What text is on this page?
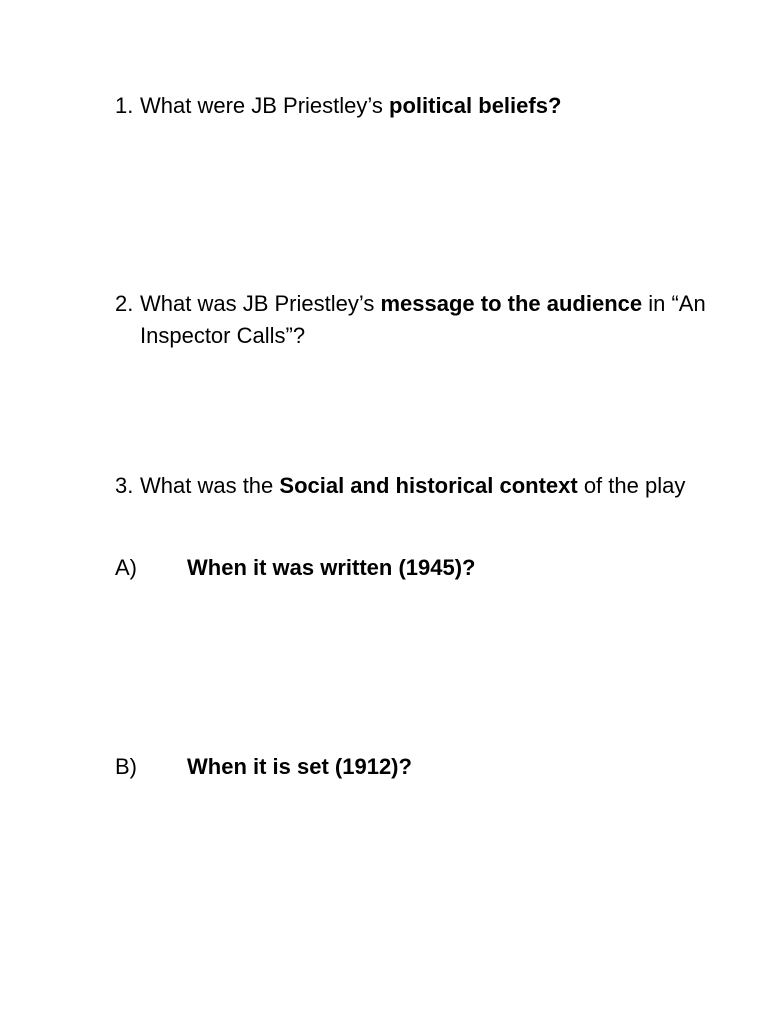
1. What were JB Priestley’s political beliefs?
2. What was JB Priestley’s message to the audience in “An Inspector Calls”?
3. What was the Social and historical context of the play
A) When it was written (1945)?
B) When it is set (1912)?
